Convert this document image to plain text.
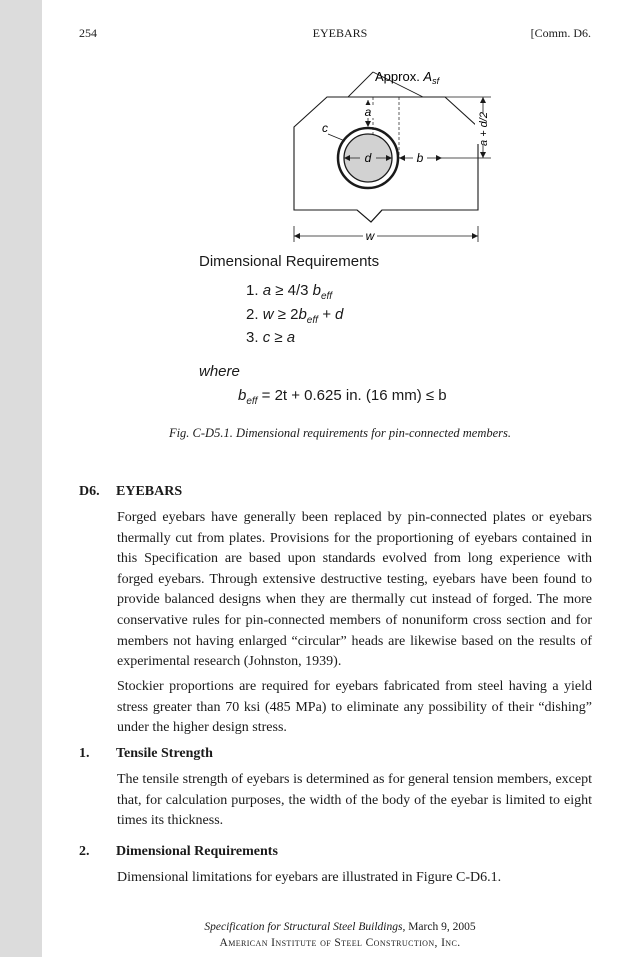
254	EYEBARS	[Comm. D6.
Approx. $A_{sf}$
a
c
d	b
w
a + d/2
Dimensional Requirements
1. a ≥ 4/3 $b_{eff}$
2. $w \ge 2b_{eff} + d$
3. c ≥ a
where
$b_{eff} = 2t + 0.625$ in. (16 mm) ≤ b
Fig. C-D5.1. Dimensional requirements for pin-connected members.
D6. EYEBARS
Forged eyebars have generally been replaced by pin-connected plates or eyebars thermally cut from plates. Provisions for the proportioning of eyebars contained in this Specification are based upon standards evolved from long experience with forged eyebars. Through extensive destructive testing, eyebars have been found to provide balanced designs when they are thermally cut instead of forged. The more conservative rules for pin-connected members of nonuniform cross section and for members not having enlarged “circular” heads are likewise based on the results of experimental research (Johnston, 1939).
Stockier proportions are required for eyebars fabricated from steel having a yield stress greater than 70 ksi (485 MPa) to eliminate any possibility of their “dishing” under the higher design stress.
1. Tensile Strength
The tensile strength of eyebars is determined as for general tension members, except that, for calculation purposes, the width of the body of the eyebar is limited to eight times its thickness.
2. Dimensional Requirements
Dimensional limitations for eyebars are illustrated in Figure C-D6.1.
Specification for Structural Steel Buildings, March 9, 2005
American Institute of Steel Construction, Inc.
